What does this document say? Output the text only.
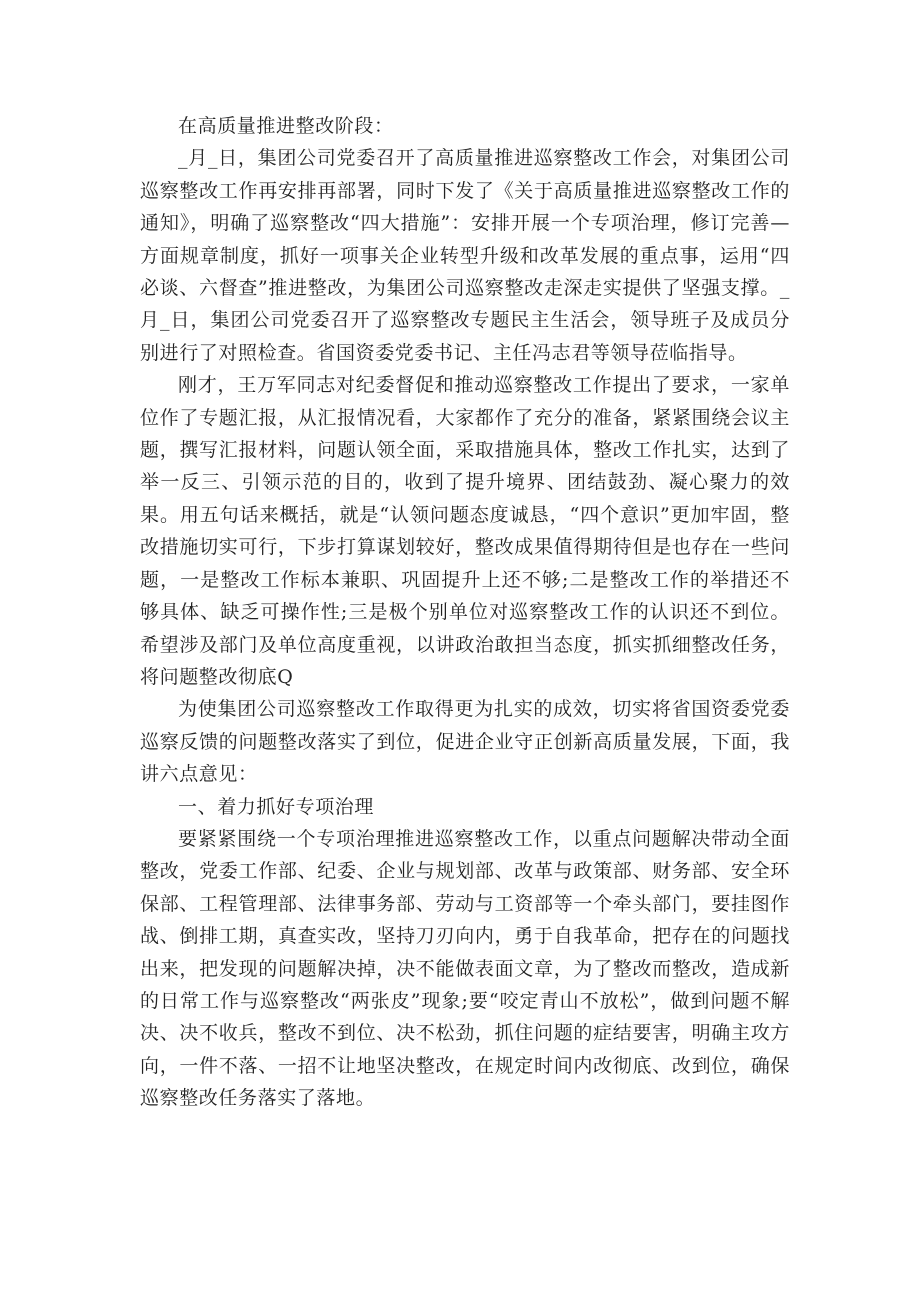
在高质量推进整改阶段：

_月_日，集团公司党委召开了高质量推进巡察整改工作会，对集团公司巡察整改工作再安排再部署，同时下发了《关于高质量推进巡察整改工作的通知》，明确了巡察整改“四大措施”：安排开展一个专项治理，修订完善—方面规章制度，抓好一项事关企业转型升级和改革发展的重点事，运用“四必谈、六督查”推进整改，为集团公司巡察整改走深走实提供了坚强支撑。_月_日，集团公司党委召开了巡察整改专题民主生活会，领导班子及成员分别进行了对照检查。省国资委党委书记、主任冯志君等领导莅临指导。

刚才，王万军同志对纪委督促和推动巡察整改工作提出了要求，一家单位作了专题汇报，从汇报情况看，大家都作了充分的准备，紧紧围绕会议主题，撰写汇报材料，问题认领全面，采取措施具体，整改工作扎实，达到了举一反三、引领示范的目的，收到了提升境界、团结鼓劲、凝心聚力的效果。用五句话来概括，就是“认领问题态度诚恳，“四个意识”更加牢固，整改措施切实可行，下步打算谋划较好，整改成果值得期待但是也存在一些问题，一是整改工作标本兼职、巩固提升上还不够;二是整改工作的举措还不够具体、缺乏可操作性;三是极个别单位对巡察整改工作的认识还不到位。希望涉及部门及单位高度重视，以讲政治敢担当态度，抓实抓细整改任务，将问题整改彻底Q

为使集团公司巡察整改工作取得更为扎实的成效，切实将省国资委党委巡察反馈的问题整改落实了到位，促进企业守正创新高质量发展，下面，我讲六点意见：

一、着力抓好专项治理

要紧紧围绕一个专项治理推进巡察整改工作，以重点问题解决带动全面整改，党委工作部、纪委、企业与规划部、改革与政策部、财务部、安全环保部、工程管理部、法律事务部、劳动与工资部等一个牵头部门，要挂图作战、倒排工期，真查实改，坚持刀刃向内，勇于自我革命，把存在的问题找出来，把发现的问题解决掉，决不能做表面文章，为了整改而整改，造成新的日常工作与巡察整改“两张皮”现象;要“咬定青山不放松”，做到问题不解决、决不收兵，整改不到位、决不松劲，抓住问题的症结要害，明确主攻方向，一件不落、一招不让地坚决整改，在规定时间内改彻底、改到位，确保巡察整改任务落实了落地。
